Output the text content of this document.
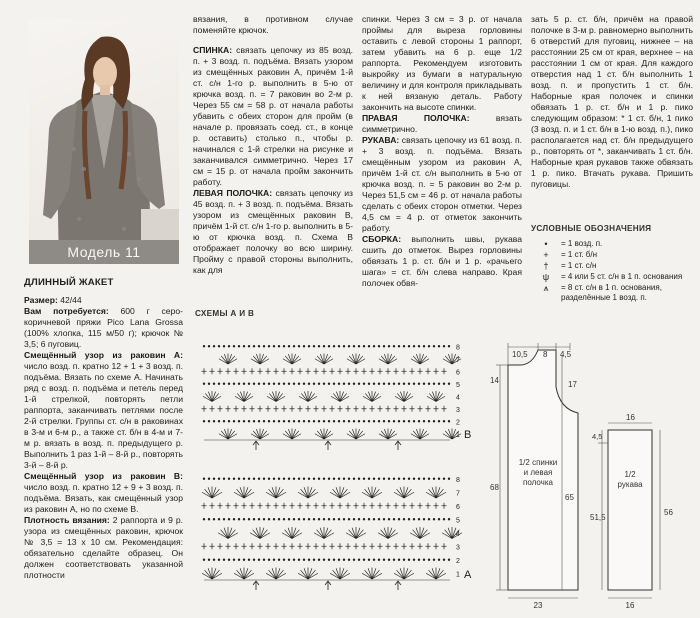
Модель 11
ДЛИННЫЙ ЖАКЕТ

Размер: 42/44

Вам потребуется: 600 г серо-коричневой пряжи Pico Lana Grossa (100% хлопка, 115 м/50 г); крючок № 3,5; 6 пуговиц.

Смещённый узор из раковин А: число возд. п. кратно 12 + 1 + 3 возд. п. подъёма. Вязать по схеме А. Начинать ряд с возд. п. подъёма и петель перед 1-й стрелкой, повторять петли раппорта, заканчивать петлями после 2-й стрелки. Группы ст. с/н в раковинах в 3-м и 6-м р., а также ст. б/н в 4-м и 7-м р. вязать в возд. п. предыдущего р. Выполнить 1 раз 1-й – 8-й р., повторять 3-й – 8-й р.

Смещённый узор из раковин В: число возд. п. кратно 12 + 9 + 3 возд. п. подъёма. Вязать, как смещённый узор из раковин А, но по схеме В.

Плотность вязания: 2 раппорта и 9 р. узора из смещённых раковин, крючок № 3,5 = 13 х 10 см. Рекомендация: обязательно сделайте образец. Он должен соответствовать указанной плотности

вязания, в противном случае поменяйте крючок.

СПИНКА: связать цепочку из 85 возд. п. + 3 возд. п. подъёма. Вязать узором из смещённых раковин А, причём 1-й ст. с/н 1-го р. выполнить в 5-ю от крючка возд. п. = 7 раковин во 2-м р. Через 55 см = 58 р. от начала работы убавить с обеих сторон для пройм (в начале р. провязать соед. ст., в конце р. оставить) столько п., чтобы р. начинался с 1-й стрелки на рисунке и заканчивался симметрично. Через 17 см = 15 р. от начала пройм закончить работу.

ЛЕВАЯ ПОЛОЧКА: связать цепочку из 45 возд. п. + 3 возд. п. подъёма. Вязать узором из смещённых раковин В, причём 1-й ст. с/н 1-го р. выполнить в 5-ю от крючка возд. п. Схема В отображает полочку во всю ширину. Пройму с правой стороны выполнить, как для

спинки. Через 3 см = 3 р. от начала проймы для выреза горловины оставить с левой стороны 1 раппорт, затем убавить на 6 р. еще 1/2 раппорта. Рекомендуем изготовить выкройку из бумаги в натуральную величину и для контроля прикладывать к ней вязаную деталь. Работу закончить на высоте спинки.

ПРАВАЯ ПОЛОЧКА: вязать симметрично.

РУКАВА: связать цепочку из 61 возд. п. + 3 возд. п. подъёма. Вязать смещённым узором из раковин А, причём 1-й ст. с/н выполнить в 5-ю от крючка возд. п. = 5 раковин во 2-м р. Через 51,5 см = 46 р. от начала работы сделать с обеих сторон отметки. Через 4,5 см = 4 р. от отметок закончить работу.

СБОРКА: выполнить швы, рукава сшить до отметок. Вырез горловины обвязать 1 р. ст. б/н и 1 р. «рачьего шага» = ст. б/н слева направо. Края полочек обвя-

зать 5 р. ст. б/н, причём на правой полочке в 3-м р. равномерно выполнить 6 отверстий для пуговиц, нижнее – на расстоянии 25 см от края, верхнее – на расстоянии 1 см от края. Для каждого отверстия над 1 ст. б/н выполнить 1 возд. п. и пропустить 1 ст. б/н. Наборные края полочек и спинки обвязать 1 р. ст. б/н и 1 р. пико следующим образом: * 1 ст. б/н, 1 пико (3 возд. п. и 1 ст. б/н в 1-ю возд. п.), пико располагается над ст. б/н предыдущего р., повторять от *, заканчивать 1 ст. б/н. Наборные края рукавов также обвязать 1 р. пико. Втачать рукава. Пришить пуговицы.

УСЛОВНЫЕ ОБОЗНАЧЕНИЯ
•	= 1 возд. п.
+	= 1 ст. б/н
†	= 1 ст. с/н
ψ	= 4 или 5 ст. с/н в 1 п. основания
⩚	= 8 ст. с/н в 1 п. основания, разделённые 1 возд. п.
СХЕМЫ А И В
8
7
6
5
4
3
2
1 В
8
7
6
5
4
3
2
1 А
10,5 8 4,5
14	17
68
65
1/2 спинки
и левая
полочка
23
16
4,5
51,5
56
1/2
рукава
16
